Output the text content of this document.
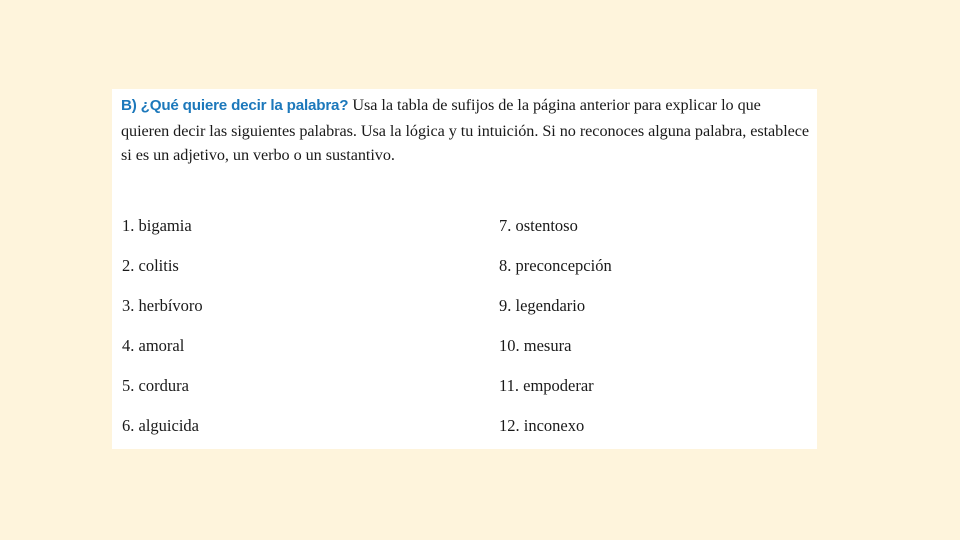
B) ¿Qué quiere decir la palabra? Usa la tabla de sufijos de la página anterior para explicar lo que quieren decir las siguientes palabras. Usa la lógica y tu intuición. Si no reconoces alguna palabra, establece si es un adjetivo, un verbo o un sustantivo.

1. bigamia
2. colitis
3. herbívoro
4. amoral
5. cordura
6. alguicida
7. ostentoso
8. preconcepción
9. legendario
10. mesura
11. empoderar
12. inconexo
